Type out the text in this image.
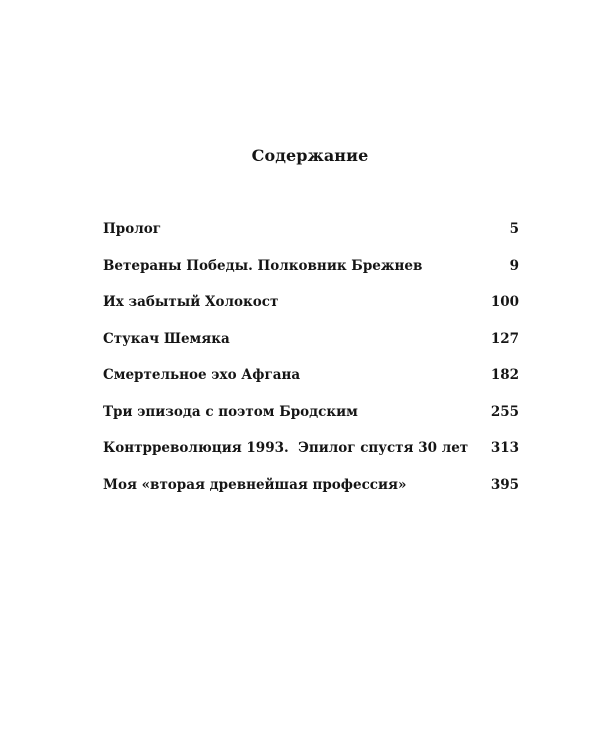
Содержание
Пролог	5
Ветераны Победы. Полковник Брежнев	9
Их забытый Холокост	100
Стукач Шемяка	127
Смертельное эхо Афгана	182
Три эпизода с поэтом Бродским	255
Контрреволюция 1993.  Эпилог спустя 30 лет	313
Моя «вторая древнейшая профессия»	395
